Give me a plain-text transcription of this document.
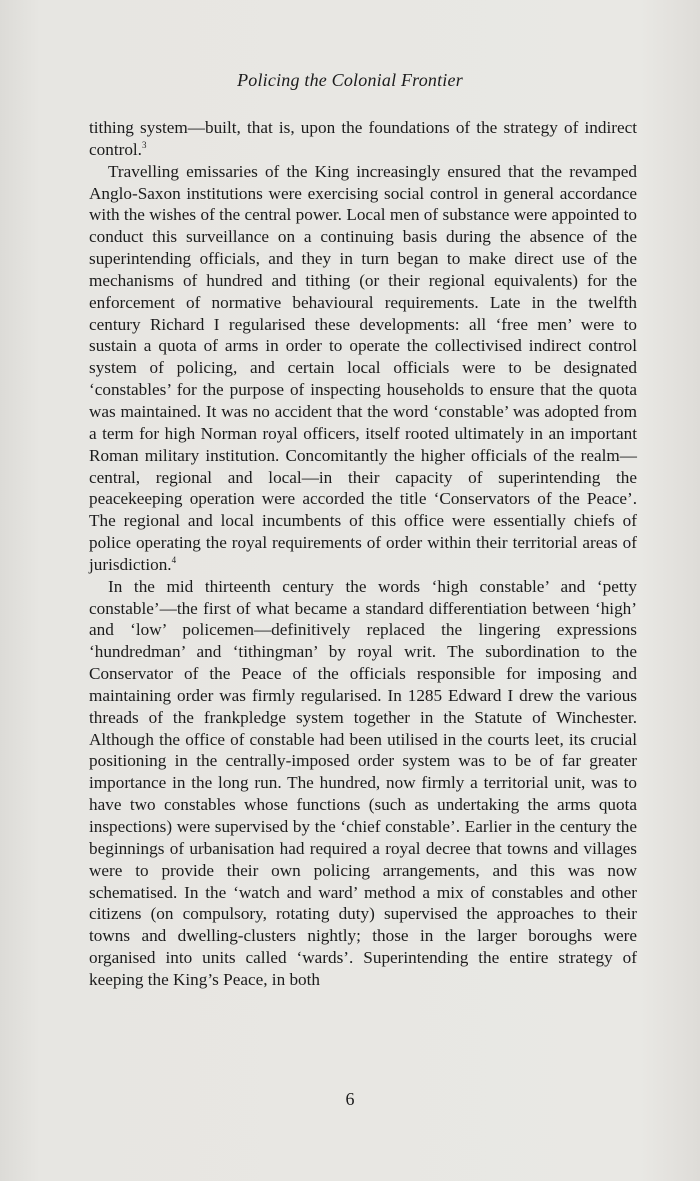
Policing the Colonial Frontier

tithing system—built, that is, upon the foundations of the strategy of indirect control.$^3$

Travelling emissaries of the King increasingly ensured that the revamped Anglo-Saxon institutions were exercising social control in general accordance with the wishes of the central power. Local men of substance were appointed to conduct this surveillance on a continuing basis during the absence of the superintending officials, and they in turn began to make direct use of the mechanisms of hundred and tithing (or their regional equivalents) for the enforcement of normative behavioural requirements. Late in the twelfth century Richard I regularised these developments: all ‘free men’ were to sustain a quota of arms in order to operate the collectivised indirect control system of policing, and certain local officials were to be designated ‘constables’ for the purpose of inspecting households to ensure that the quota was maintained. It was no accident that the word ‘constable’ was adopted from a term for high Norman royal officers, itself rooted ultimately in an important Roman military institution. Concomitantly the higher officials of the realm—central, regional and local—in their capacity of superintending the peacekeeping operation were accorded the title ‘Conservators of the Peace’. The regional and local incumbents of this office were essentially chiefs of police operating the royal requirements of order within their territorial areas of jurisdiction.$^4$

In the mid thirteenth century the words ‘high constable’ and ‘petty constable’—the first of what became a standard differentiation between ‘high’ and ‘low’ policemen—definitively replaced the lingering expressions ‘hundredman’ and ‘tithingman’ by royal writ. The subordination to the Conservator of the Peace of the officials responsible for imposing and maintaining order was firmly regularised. In 1285 Edward I drew the various threads of the frankpledge system together in the Statute of Winchester. Although the office of constable had been utilised in the courts leet, its crucial positioning in the centrally-imposed order system was to be of far greater importance in the long run. The hundred, now firmly a territorial unit, was to have two constables whose functions (such as undertaking the arms quota inspections) were supervised by the ‘chief constable’. Earlier in the century the beginnings of urbanisation had required a royal decree that towns and villages were to provide their own policing arrangements, and this was now schematised. In the ‘watch and ward’ method a mix of constables and other citizens (on compulsory, rotating duty) supervised the approaches to their towns and dwelling-clusters nightly; those in the larger boroughs were organised into units called ‘wards’. Superintending the entire strategy of keeping the King’s Peace, in both

6
